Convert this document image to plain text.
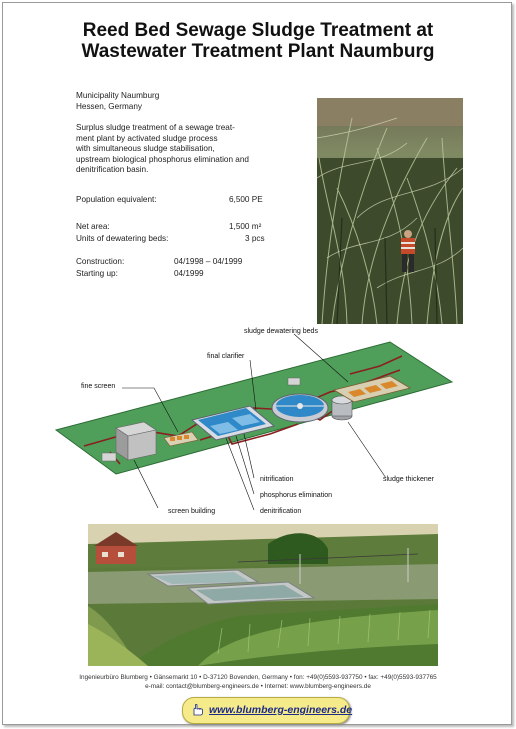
Reed Bed Sewage Sludge Treatment at
Wastewater Treatment Plant Naumburg
Municipality Naumburg
Hessen, Germany
Surplus sludge treatment of a sewage treat-
ment plant by activated sludge process
with simultaneous sludge stabilisation,
upstream biological phosphorus elimination and
denitrification basin.
Population equivalent:	6,500 PE
Net area:	1,500 m²
Units of dewatering beds:	3 pcs
Construction:	04/1998 – 04/1999
Starting up:	04/1999
sludge dewatering beds
final clarifier
fine screen
nitrification	sludge thickener
phosphorus elimination
screen building	denitrification
Ingenieurbüro Blumberg • Gänsemarkt 10 • D-37120 Bovenden, Germany • fon: +49(0)5593-937750 • fax: +49(0)5593-937765
e-mail: contact@blumberg-engineers.de • Internet: www.blumberg-engineers.de
www.blumberg-engineers.de
